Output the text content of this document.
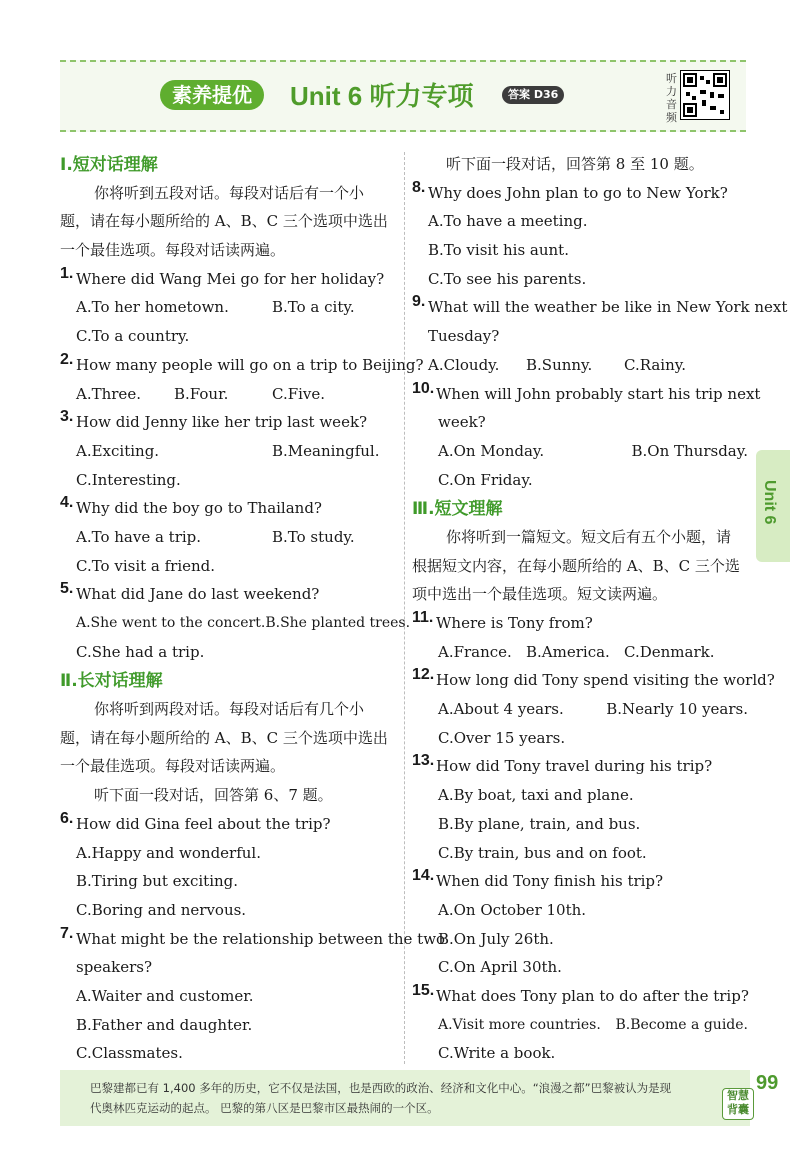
素养提优	Unit 6 听力专项	答案 D36
听力音频
Ⅰ.短对话理解
你将听到五段对话。每段对话后有一个小
题，请在每小题所给的 A、B、C 三个选项中选出
一个最佳选项。每段对话读两遍。
1. Where did Wang Mei go for her holiday?
A.To her hometown.	B.To a city.
C.To a country.
2. How many people will go on a trip to Beijing?
A.Three.	B.Four.	C.Five.
3. How did Jenny like her trip last week?
A.Exciting.	B.Meaningful.
C.Interesting.
4. Why did the boy go to Thailand?
A.To have a trip.	B.To study.
C.To visit a friend.
5. What did Jane do last weekend?
A.She went to the concert. B.She planted trees.
C.She had a trip.
Ⅱ.长对话理解
你将听到两段对话。每段对话后有几个小
题，请在每小题所给的 A、B、C 三个选项中选出
一个最佳选项。每段对话读两遍。
听下面一段对话，回答第 6、7 题。
6. How did Gina feel about the trip?
A.Happy and wonderful.
B.Tiring but exciting.
C.Boring and nervous.
7. What might be the relationship between the two
speakers?
A.Waiter and customer.
B.Father and daughter.
C.Classmates.
听下面一段对话，回答第 8 至 10 题。
8. Why does John plan to go to New York?
A.To have a meeting.
B.To visit his aunt.
C.To see his parents.
9. What will the weather be like in New York next
Tuesday?
A.Cloudy.	B.Sunny.	C.Rainy.
10. When will John probably start his trip next
week?
A.On Monday.	B.On Thursday.
C.On Friday.
Ⅲ.短文理解
你将听到一篇短文。短文后有五个小题，请
根据短文内容，在每小题所给的 A、B、C 三个选
项中选出一个最佳选项。短文读两遍。
11. Where is Tony from?
A.France. B.America. C.Denmark.
12. How long did Tony spend visiting the world?
A.About 4 years.	B.Nearly 10 years.
C.Over 15 years.
13. How did Tony travel during his trip?
A.By boat, taxi and plane.
B.By plane, train, and bus.
C.By train, bus and on foot.
14. When did Tony finish his trip?
A.On October 10th.
B.On July 26th.
C.On April 30th.
15. What does Tony plan to do after the trip?
A.Visit more countries.	B.Become a guide.
C.Write a book.
Unit 6
巴黎建都已有 1,400 多年的历史，它不仅是法国，也是西欧的政治、经济和文化中心。“浪漫之都”巴黎被认为是现
代奥林匹克运动的起点。 巴黎的第八区是巴黎市区最热闹的一个区。
智慧背囊
99
